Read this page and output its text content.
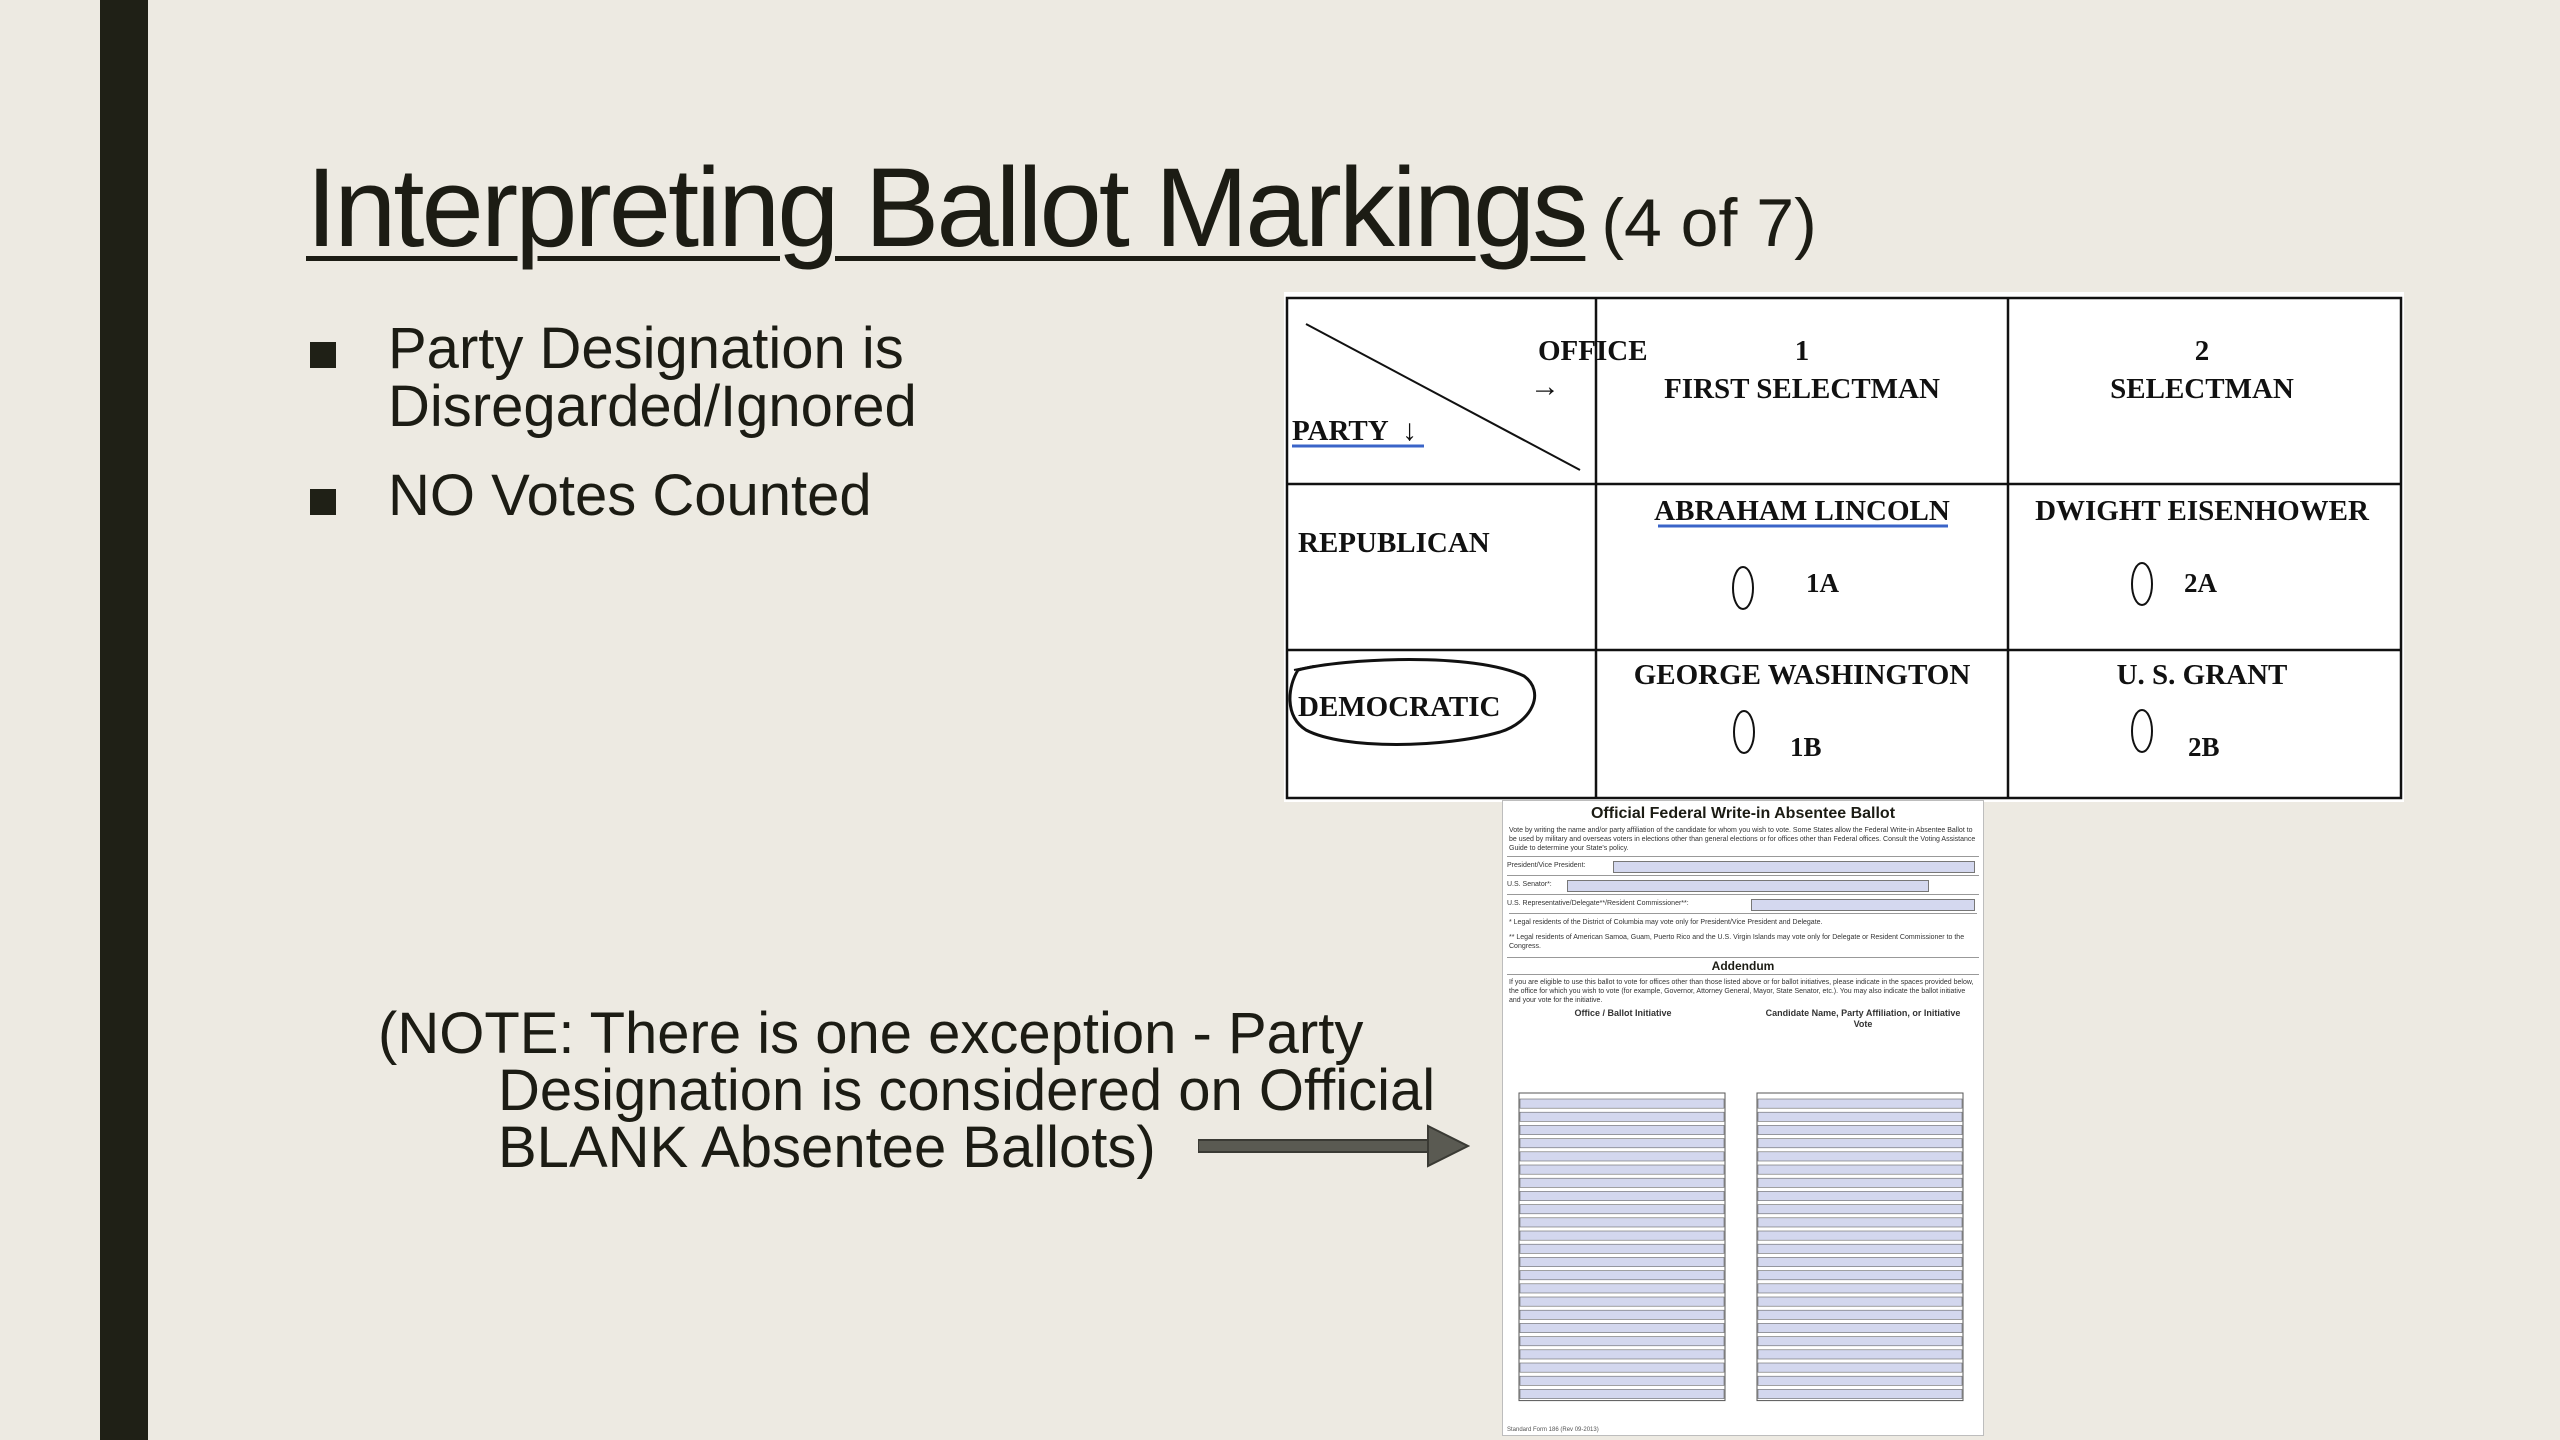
Interpreting Ballot Markings (4 of 7)
Party Designation is Disregarded/Ignored
NO Votes Counted
(NOTE: There is one exception - Party Designation is considered on Official BLANK Absentee Ballots)
OFFICE
→
PARTY ↓
1
FIRST SELECTMAN
2
SELECTMAN
REPUBLICAN
DEMOCRATIC
ABRAHAM LINCOLN
1A
DWIGHT EISENHOWER
2A
GEORGE WASHINGTON
1B
U. S. GRANT
2B
Official Federal Write-in Absentee Ballot
Vote by writing the name and/or party affiliation of the candidate for whom you wish to vote. Some States allow the Federal Write-in Absentee Ballot to be used by military and overseas voters in elections other than general elections or for offices other than Federal offices. Consult the Voting Assistance Guide to determine your State's policy.
President/Vice President:
U.S. Senator*:
U.S. Representative/Delegate**/Resident Commissioner**:
* Legal residents of the District of Columbia may vote only for President/Vice President and Delegate.
** Legal residents of American Samoa, Guam, Puerto Rico and the U.S. Virgin Islands may vote only for Delegate or Resident Commissioner to the Congress.
Addendum
If you are eligible to use this ballot to vote for offices other than those listed above or for ballot initiatives, please indicate in the spaces provided below, the office for which you wish to vote (for example, Governor, Attorney General, Mayor, State Senator, etc.). You may also indicate the ballot initiative and your vote for the initiative.
Office / Ballot Initiative	Candidate Name, Party Affiliation, or Initiative Vote
Standard Form 186 (Rev 09-2013)
